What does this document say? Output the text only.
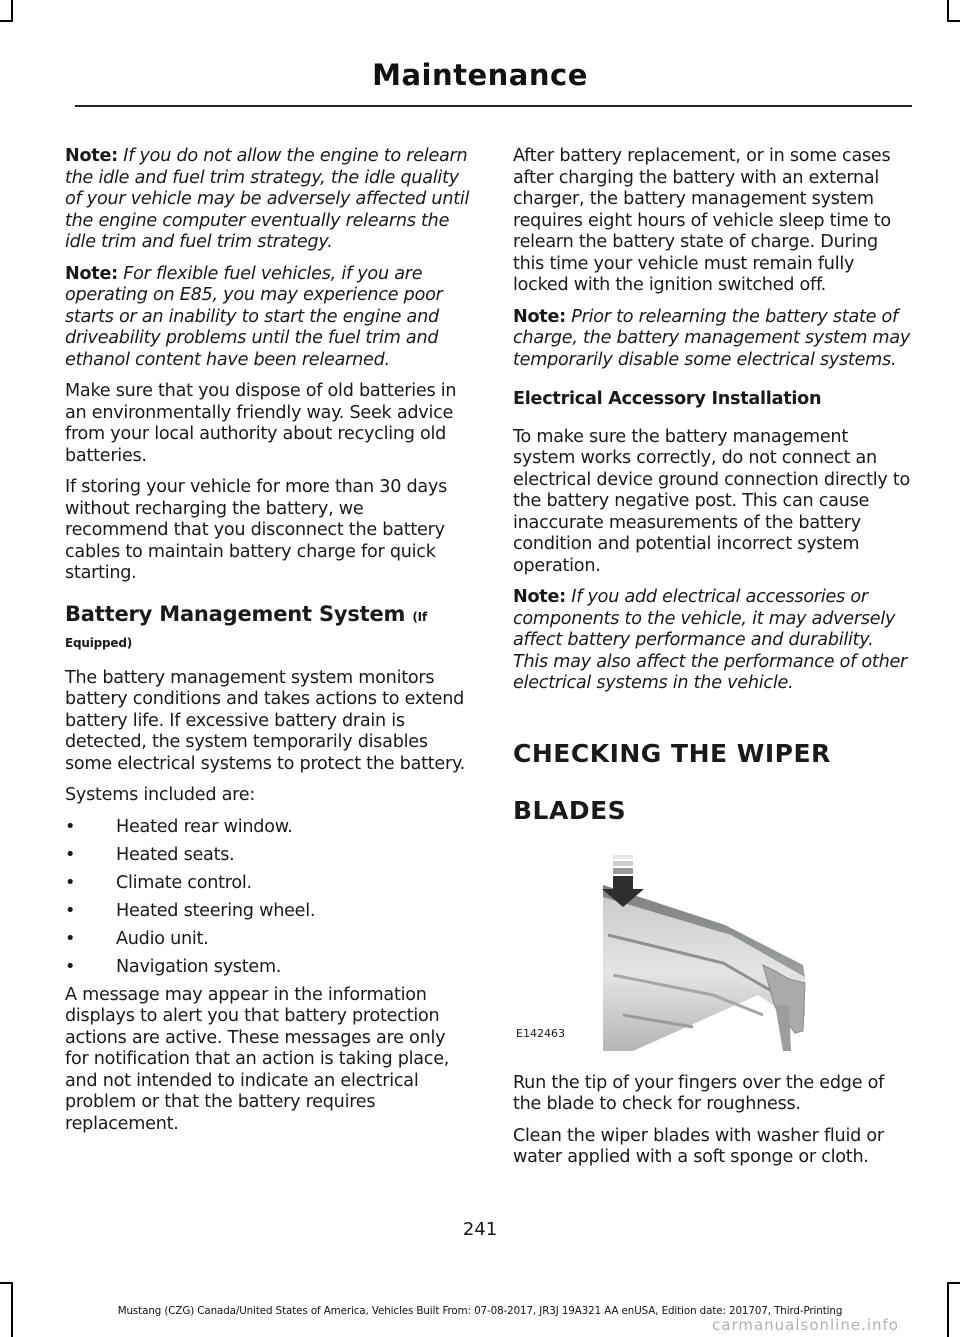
Maintenance

Note: If you do not allow the engine to relearn the idle and fuel trim strategy, the idle quality of your vehicle may be adversely affected until the engine computer eventually relearns the idle trim and fuel trim strategy.

Note: For flexible fuel vehicles, if you are operating on E85, you may experience poor starts or an inability to start the engine and driveability problems until the fuel trim and ethanol content have been relearned.

Make sure that you dispose of old batteries in an environmentally friendly way. Seek advice from your local authority about recycling old batteries.

If storing your vehicle for more than 30 days without recharging the battery, we recommend that you disconnect the battery cables to maintain battery charge for quick starting.

Battery Management System (If
Equipped)

The battery management system monitors battery conditions and takes actions to extend battery life. If excessive battery drain is detected, the system temporarily disables some electrical systems to protect the battery.

Systems included are:

• Heated rear window.
• Heated seats.
• Climate control.
• Heated steering wheel.
• Audio unit.
• Navigation system.

A message may appear in the information displays to alert you that battery protection actions are active. These messages are only for notification that an action is taking place, and not intended to indicate an electrical problem or that the battery requires replacement.

After battery replacement, or in some cases after charging the battery with an external charger, the battery management system requires eight hours of vehicle sleep time to relearn the battery state of charge. During this time your vehicle must remain fully locked with the ignition switched off.

Note: Prior to relearning the battery state of charge, the battery management system may temporarily disable some electrical systems.

Electrical Accessory Installation

To make sure the battery management system works correctly, do not connect an electrical device ground connection directly to the battery negative post. This can cause inaccurate measurements of the battery condition and potential incorrect system operation.

Note: If you add electrical accessories or components to the vehicle, it may adversely affect battery performance and durability. This may also affect the performance of other electrical systems in the vehicle.

CHECKING THE WIPER
BLADES
E142463

Run the tip of your fingers over the edge of the blade to check for roughness.

Clean the wiper blades with washer fluid or water applied with a soft sponge or cloth.

241
Mustang (CZG) Canada/United States of America, Vehicles Built From: 07-08-2017, JR3J 19A321 AA enUSA, Edition date: 201707, Third-Printing
carmanualsonline.info
